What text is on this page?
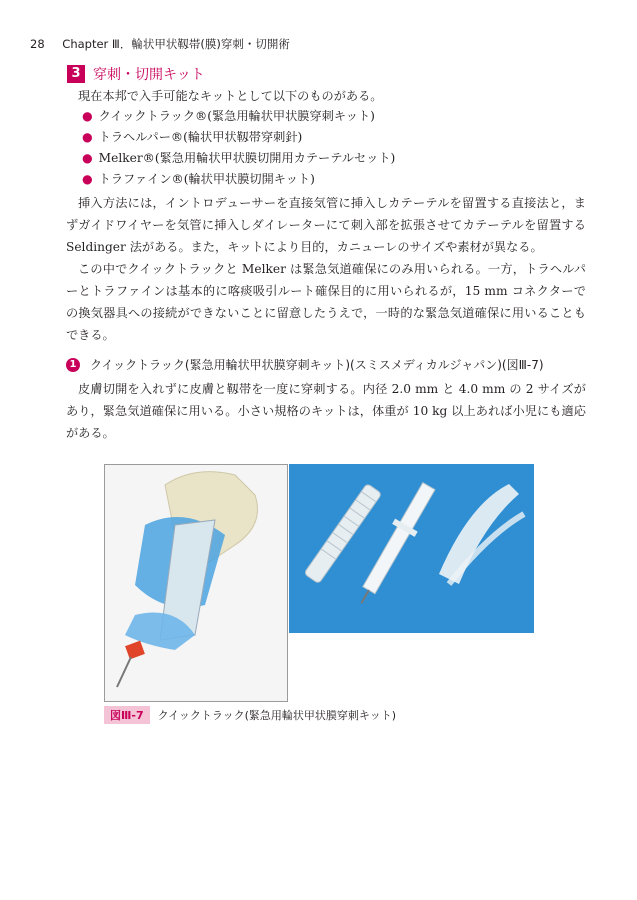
28 Chapter Ⅲ．輪状甲状靱帯(膜)穿刺・切開術
3 穿刺・切開キット

現在本邦で入手可能なキットとして以下のものがある。

● クイックトラック®(緊急用輪状甲状膜穿刺キット)
● トラヘルパー®(輪状甲状靱帯穿刺針)
● Melker®(緊急用輪状甲状膜切開用カテーテルセット)
● トラファイン®(輪状甲状膜切開キット)

挿入方法には，イントロデューサーを直接気管に挿入しカテーテルを留置する直接法と，まずガイドワイヤーを気管に挿入しダイレーターにて刺入部を拡張させてカテーテルを留置するSeldinger 法がある。また，キットにより目的，カニューレのサイズや素材が異なる。

この中でクイックトラックと Melker は緊急気道確保にのみ用いられる。一方，トラヘルパーとトラファインは基本的に喀痰吸引ルート確保目的に用いられるが，15 mm コネクターでの換気器具への接続ができないことに留意したうえで，一時的な緊急気道確保に用いることもできる。

1 クイックトラック(緊急用輪状甲状膜穿刺キット)(スミスメディカルジャパン)(図Ⅲ-7)

皮膚切開を入れずに皮膚と靱帯を一度に穿刺する。内径 2.0 mm と 4.0 mm の 2 サイズがあり，緊急気道確保に用いる。小さい規格のキットは，体重が 10 kg 以上あれば小児にも適応がある。

図Ⅲ-7	クイックトラック(緊急用輪状甲状膜穿刺キット)
